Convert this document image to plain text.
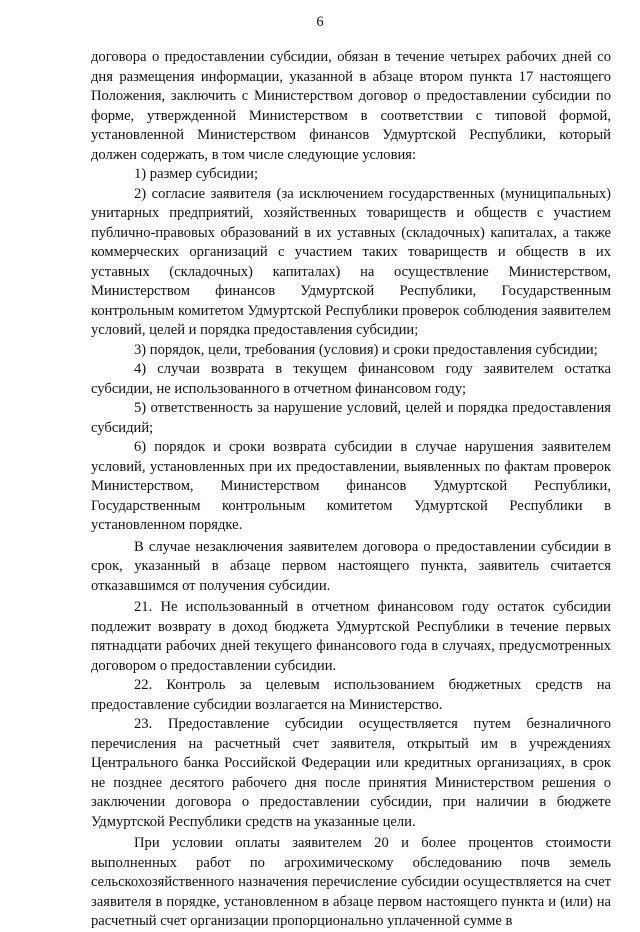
6

договора о предоставлении субсидии, обязан в течение четырех рабочих дней со дня размещения информации, указанной в абзаце втором пункта 17 настоящего Положения, заключить с Министерством договор о предоставлении субсидии по форме, утвержденной Министерством в соответствии с типовой формой, установленной Министерством финансов Удмуртской Республики, который должен содержать, в том числе следующие условия:

1) размер субсидии;

2) согласие заявителя (за исключением государственных (муниципальных) унитарных предприятий, хозяйственных товариществ и обществ с участием публично-правовых образований в их уставных (складочных) капиталах, а также коммерческих организаций с участием таких товариществ и обществ в их уставных (складочных) капиталах) на осуществление Министерством, Министерством финансов Удмуртской Республики, Государственным контрольным комитетом Удмуртской Республики проверок соблюдения заявителем условий, целей и порядка предоставления субсидии;

3) порядок, цели, требования (условия) и сроки предоставления субсидии;

4) случаи возврата в текущем финансовом году заявителем остатка субсидии, не использованного в отчетном финансовом году;

5) ответственность за нарушение условий, целей и порядка предоставления субсидий;

6) порядок и сроки возврата субсидии в случае нарушения заявителем условий, установленных при их предоставлении, выявленных по фактам проверок Министерством, Министерством финансов Удмуртской Республики, Государственным контрольным комитетом Удмуртской Республики в установленном порядке.

В случае незаключения заявителем договора о предоставлении субсидии в срок, указанный в абзаце первом настоящего пункта, заявитель считается отказавшимся от получения субсидии.

21. Не использованный в отчетном финансовом году остаток субсидии подлежит возврату в доход бюджета Удмуртской Республики в течение первых пятнадцати рабочих дней текущего финансового года в случаях, предусмотренных договором о предоставлении субсидии.

22. Контроль за целевым использованием бюджетных средств на предоставление субсидии возлагается на Министерство.

23. Предоставление субсидии осуществляется путем безналичного перечисления на расчетный счет заявителя, открытый им в учреждениях Центрального банка Российской Федерации или кредитных организациях, в срок не позднее десятого рабочего дня после принятия Министерством решения о заключении договора о предоставлении субсидии, при наличии в бюджете Удмуртской Республики средств на указанные цели.

При условии оплаты заявителем 20 и более процентов стоимости выполненных работ по агрохимическому обследованию почв земель сельскохозяйственного назначения перечисление субсидии осуществляется на счет заявителя в порядке, установленном в абзаце первом настоящего пункта и (или) на расчетный счет организации пропорционально уплаченной сумме в
